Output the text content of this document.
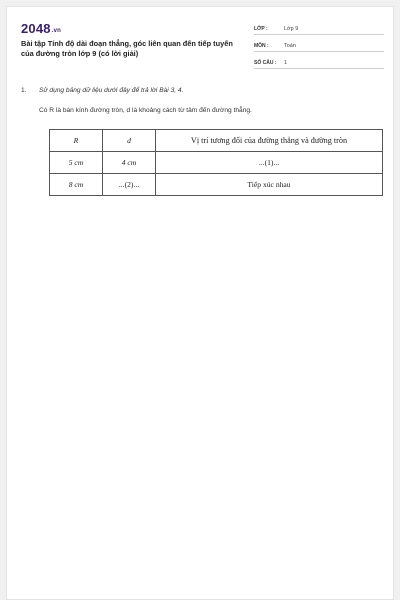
2048.vn
Bài tập Tính độ dài đoạn thẳng, góc liên quan đến tiếp tuyến của đường tròn lớp 9 (có lời giải)
LỚP :	Lớp 9
MÔN :	Toán
SỐ CÂU :	1
1. Sử dụng bảng dữ liệu dưới đây để trả lời Bài 3, 4.
Có R là bán kính đường tròn, d là khoảng cách từ tâm đến đường thẳng.
R	d	Vị trí tương đối của đường thẳng và đường tròn
5 cm	4 cm	...(1)...
8 cm	...(2)...	Tiếp xúc nhau
